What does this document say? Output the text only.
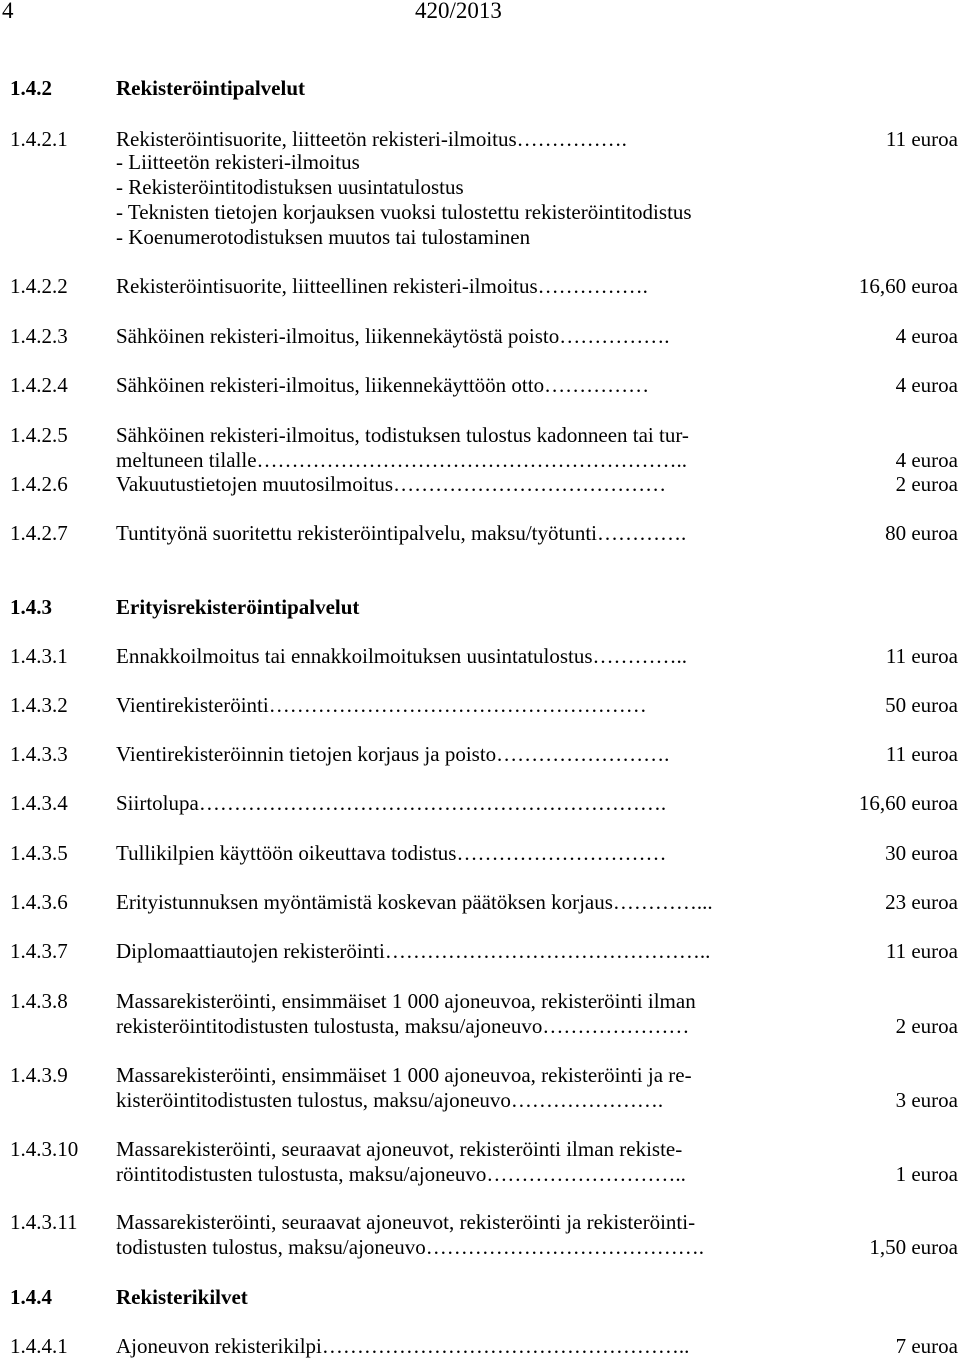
4	420/2013
1.4.2	Rekisteröintipalvelut
1.4.2.1 Rekisteröintisuorite, liitteetön rekisteri-ilmoitus…………….	11 euroa
- Liitteetön rekisteri-ilmoitus
- Rekisteröintitodistuksen uusintatulostus
- Teknisten tietojen korjauksen vuoksi tulostettu rekisteröintitodistus
- Koenumerotodistuksen muutos tai tulostaminen
1.4.2.2 Rekisteröintisuorite, liitteellinen rekisteri-ilmoitus…………….	16,60 euroa
1.4.2.3 Sähköinen rekisteri-ilmoitus, liikennekäytöstä poisto…………….	4 euroa
1.4.2.4 Sähköinen rekisteri-ilmoitus, liikennekäyttöön otto……………	4 euroa
1.4.2.5 Sähköinen rekisteri-ilmoitus, todistuksen tulostus kadonneen tai tur-
meltuneen tilalle……………………………………………………..	4 euroa
1.4.2.6 Vakuutustietojen muutosilmoitus…………………………………	2 euroa
1.4.2.7 Tuntityönä suoritettu rekisteröintipalvelu, maksu/työtunti………….	80 euroa
1.4.3	Erityisrekisteröintipalvelut
1.4.3.1 Ennakkoilmoitus tai ennakkoilmoituksen uusintatulostus…………..	11 euroa
1.4.3.2 Vientirekisteröinti………………………………………………	50 euroa
1.4.3.3 Vientirekisteröinnin tietojen korjaus ja poisto…………………….	11 euroa
1.4.3.4 Siirtolupa………………………………………………………….	16,60 euroa
1.4.3.5 Tullikilpien käyttöön oikeuttava todistus…………………………	30 euroa
1.4.3.6 Erityistunnuksen myöntämistä koskevan päätöksen korjaus…………...	23 euroa
1.4.3.7 Diplomaattiautojen rekisteröinti………………………………………..	11 euroa
1.4.3.8 Massarekisteröinti, ensimmäiset 1 000 ajoneuvoa, rekisteröinti ilman
rekisteröintitodistusten tulostusta, maksu/ajoneuvo…………………	2 euroa
1.4.3.9 Massarekisteröinti, ensimmäiset 1 000 ajoneuvoa, rekisteröinti ja re-
kisteröintitodistusten tulostus, maksu/ajoneuvo………………….	3 euroa
1.4.3.10 Massarekisteröinti, seuraavat ajoneuvot, rekisteröinti ilman rekiste-
röintitodistusten tulostusta, maksu/ajoneuvo………………………..	1 euroa
1.4.3.11 Massarekisteröinti, seuraavat ajoneuvot, rekisteröinti ja rekisteröinti-
todistusten tulostus, maksu/ajoneuvo………………………………….	1,50 euroa
1.4.4	Rekisterikilvet
1.4.4.1 Ajoneuvon rekisterikilpi……………………………………………..	7 euroa
